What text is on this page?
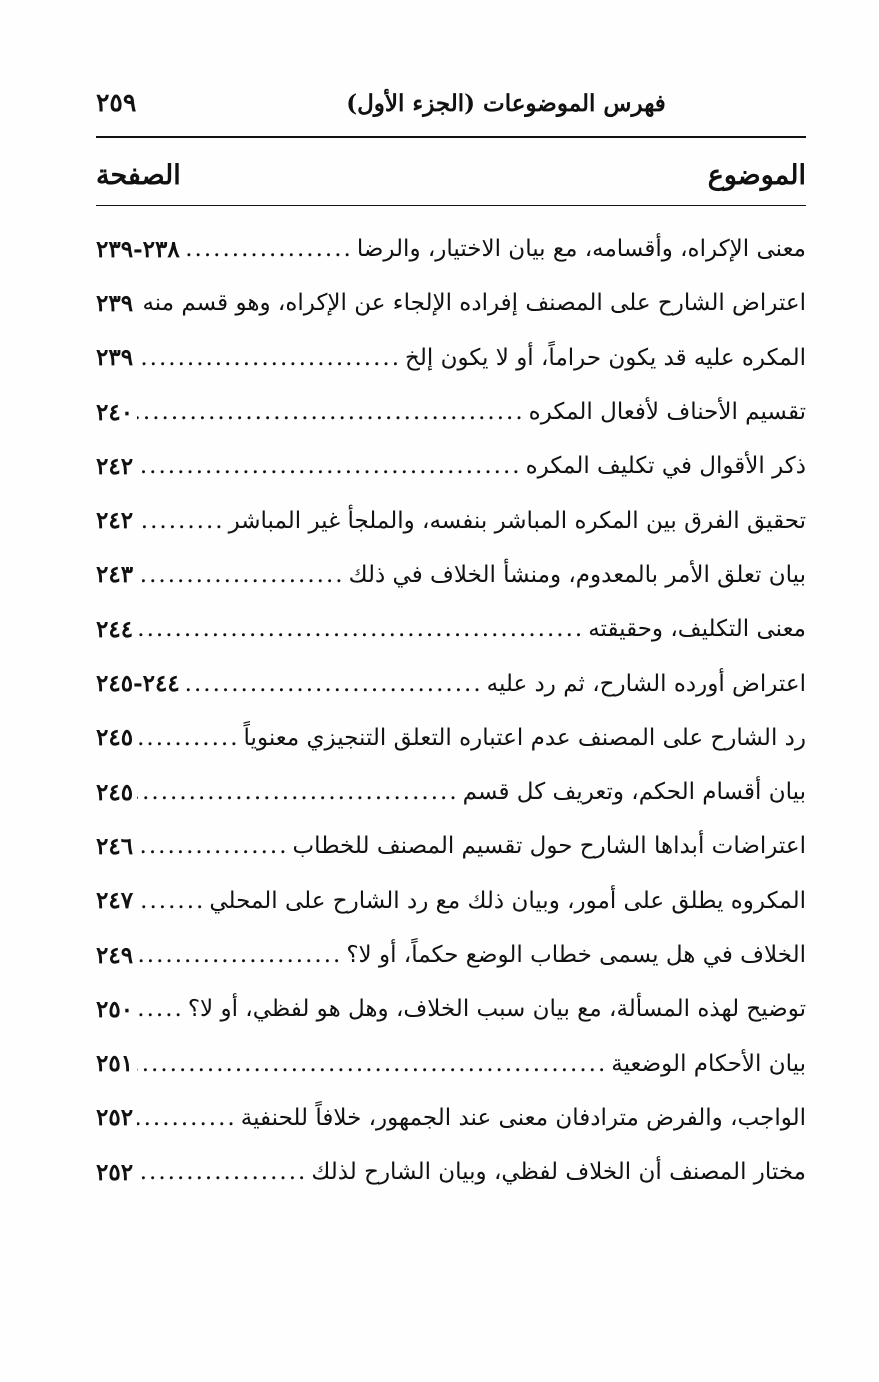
٢٥٩	فهرس الموضوعات (الجزء الأول)
الموضوع
الصفحة
معنى الإكراه، وأقسامه، مع بيان الاختيار، والرضا
.....
٢٣٨-٢٣٩
اعتراض الشارح على المصنف إفراده الإلجاء عن الإكراه، وهو قسم منه
.....
٢٣٩
المكره عليه قد يكون حراماً، أو لا يكون إلخ
.....
٢٣٩
تقسيم الأحناف لأفعال المكره
.....
٢٤٠
ذكر الأقوال في تكليف المكره
.....
٢٤٢
تحقيق الفرق بين المكره المباشر بنفسه، والملجأ غير المباشر
.....
٢٤٢
بيان تعلق الأمر بالمعدوم، ومنشأ الخلاف في ذلك
.....
٢٤٣
معنى التكليف، وحقيقته
.....
٢٤٤
اعتراض أورده الشارح، ثم رد عليه
.....
٢٤٤-٢٤٥
رد الشارح على المصنف عدم اعتباره التعلق التنجيزي معنوياً
.....
٢٤٥
بيان أقسام الحكم، وتعريف كل قسم
.....
٢٤٥
اعتراضات أبداها الشارح حول تقسيم المصنف للخطاب
.....
٢٤٦
المكروه يطلق على أمور، وبيان ذلك مع رد الشارح على المحلي
.....
٢٤٧
الخلاف في هل يسمى خطاب الوضع حكماً، أو لا؟
.....
٢٤٩
توضيح لهذه المسألة، مع بيان سبب الخلاف، وهل هو لفظي، أو لا؟
.....
٢٥٠
بيان الأحكام الوضعية
.....
٢٥١
الواجب، والفرض مترادفان معنى عند الجمهور، خلافاً للحنفية
.....
٢٥٢
مختار المصنف أن الخلاف لفظي، وبيان الشارح لذلك
.....
٢٥٢
